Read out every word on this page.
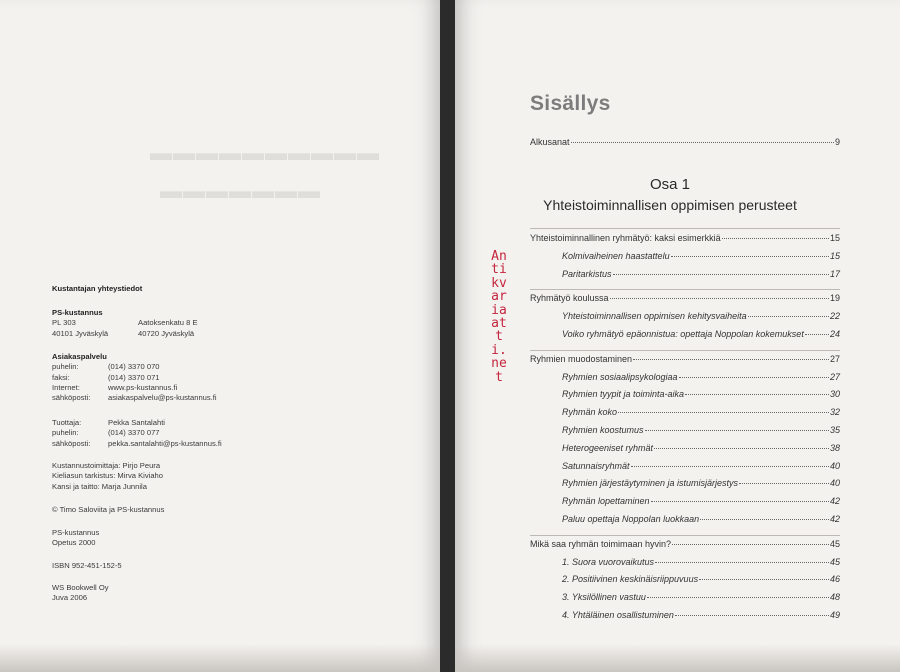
▬▬▬▬▬▬▬▬▬▬
▬▬▬▬▬▬▬
Kustantajan yhteystiedot
PS-kustannus
PL 303	Aatoksenkatu 8 E
40101 Jyväskylä	40720 Jyväskylä
Asiakaspalvelu
puhelin:	(014) 3370 070
faksi:	(014) 3370 071
Internet:	www.ps-kustannus.fi
sähköposti:	asiakaspalvelu@ps-kustannus.fi
Tuottaja:	Pekka Santalahti
puhelin:	(014) 3370 077
sähköposti:	pekka.santalahti@ps-kustannus.fi
Kustannustoimittaja: Pirjo Peura
Kieliasun tarkistus: Mirva Kiviaho
Kansi ja taitto: Marja Junnila
© Timo Saloviita ja PS-kustannus
PS-kustannus
Opetus 2000
ISBN 952-451-152-5
WS Bookwell Oy
Juva 2006
Sisällys
Alkusanat	9
Osa 1
Yhteistoiminnallisen oppimisen perusteet
Yhteistoiminnallinen ryhmätyö: kaksi esimerkkiä	15
Kolmivaiheinen haastattelu	15
Paritarkistus	17
Ryhmätyö koulussa	19
Yhteistoiminnallisen oppimisen kehitysvaiheita	22
Voiko ryhmätyö epäonnistua: opettaja Noppolan kokemukset	24
Ryhmien muodostaminen	27
Ryhmien sosiaalipsykologiaa	27
Ryhmien tyypit ja toiminta-aika	30
Ryhmän koko	32
Ryhmien koostumus	35
Heterogeeniset ryhmät	38
Satunnaisryhmät	40
Ryhmien järjestäytyminen ja istumisjärjestys	40
Ryhmän lopettaminen	42
Paluu opettaja Noppolan luokkaan	42
Mikä saa ryhmän toimimaan hyvin?	45
1. Suora vuorovaikutus	45
2. Positiivinen keskinäisriippuvuus	46
3. Yksilöllinen vastuu	48
4. Yhtäläinen osallistuminen	49
Antikvariaatti.net
